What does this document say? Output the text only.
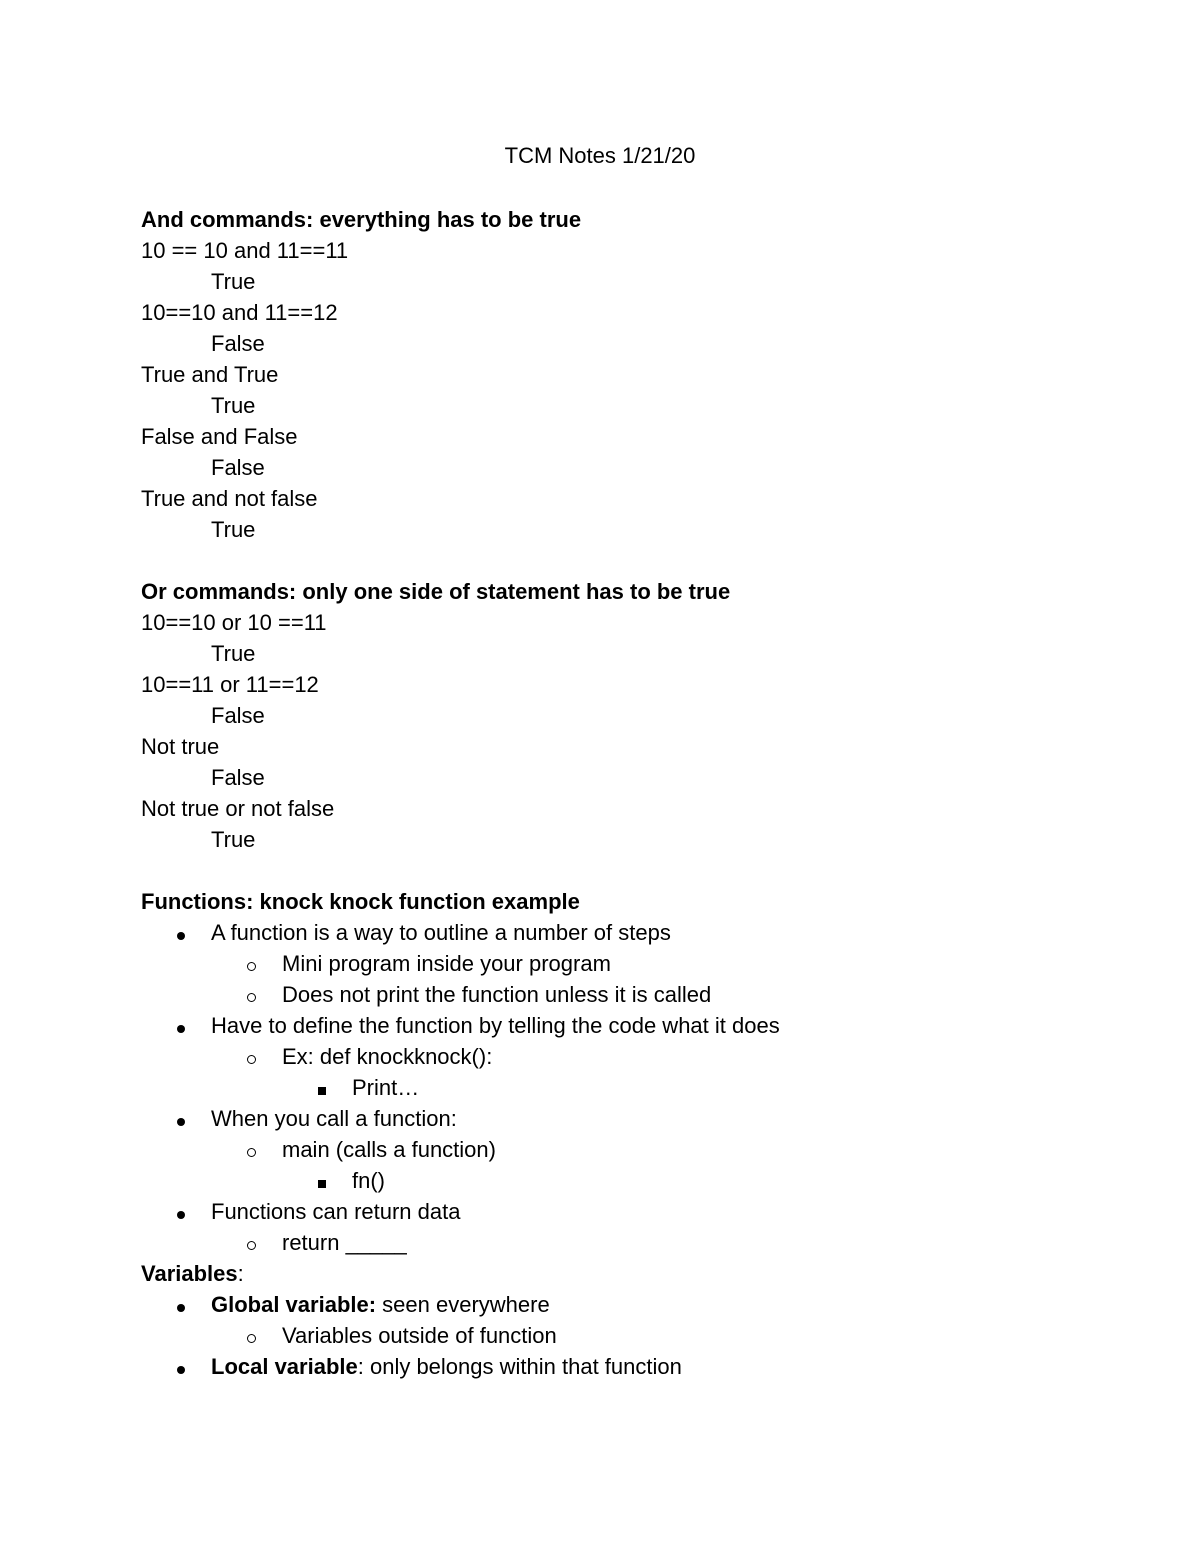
TCM Notes 1/21/20
And commands: everything has to be true
10 == 10 and 11==11
True
10==10 and 11==12
False
True and True
True
False and False
False
True and not false
True
Or commands: only one side of statement has to be true
10==10 or 10 ==11
True
10==11 or 11==12
False
Not true
False
Not true or not false
True
Functions: knock knock function example
A function is a way to outline a number of steps
Mini program inside your program
Does not print the function unless it is called
Have to define the function by telling the code what it does
Ex: def knockknock():
Print…
When you call a function:
main (calls a function)
fn()
Functions can return data
return _____
Variables:
Global variable: seen everywhere
Variables outside of function
Local variable: only belongs within that function
